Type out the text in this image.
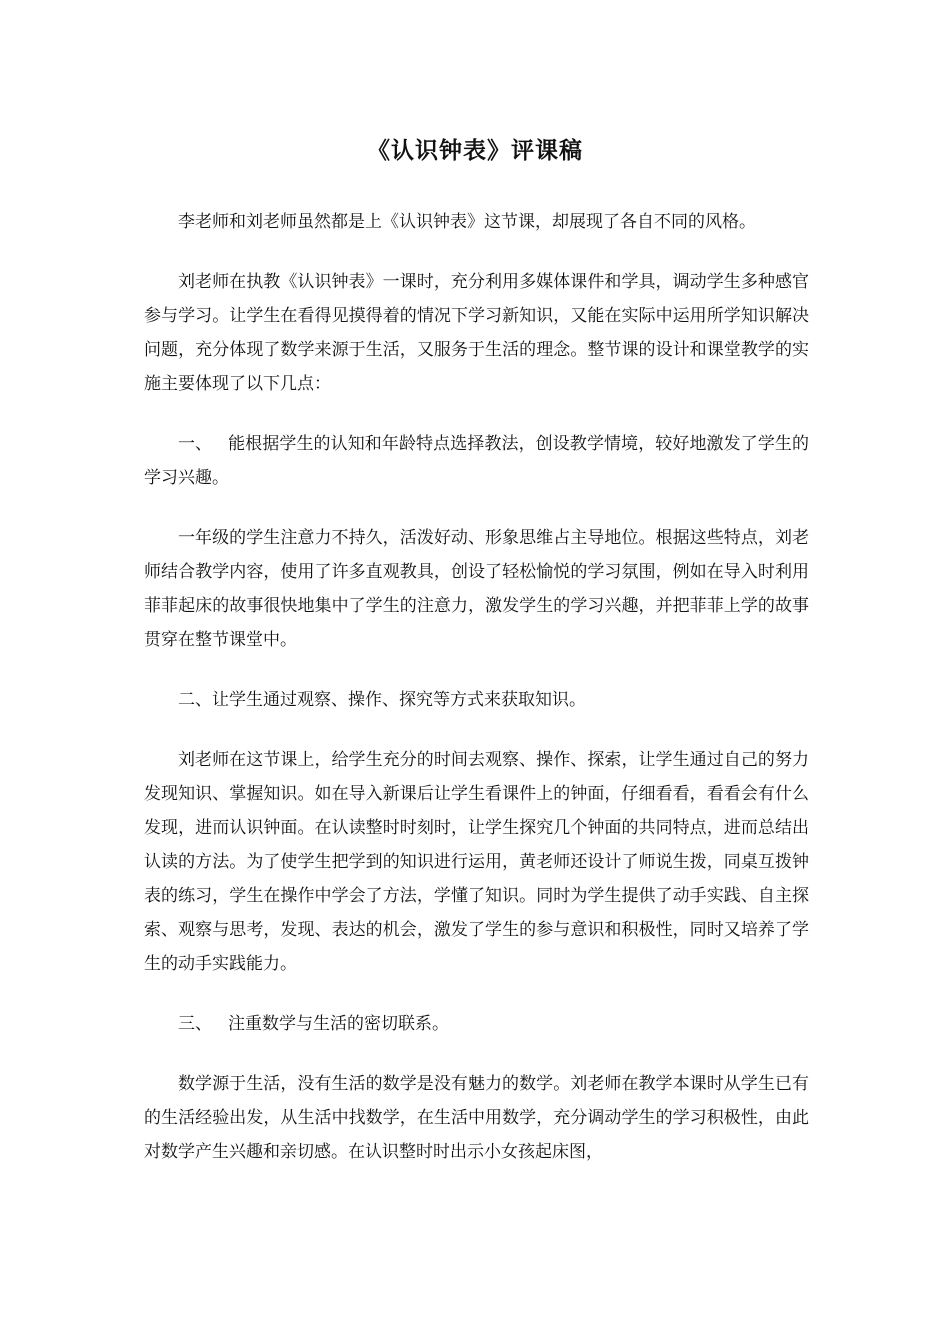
《认识钟表》评课稿

李老师和刘老师虽然都是上《认识钟表》这节课，却展现了各自不同的风格。

刘老师在执教《认识钟表》一课时，充分利用多媒体课件和学具，调动学生多种感官参与学习。让学生在看得见摸得着的情况下学习新知识，又能在实际中运用所学知识解决问题，充分体现了数学来源于生活，又服务于生活的理念。整节课的设计和课堂教学的实施主要体现了以下几点：

一、 能根据学生的认知和年龄特点选择教法，创设教学情境，较好地激发了学生的学习兴趣。

一年级的学生注意力不持久，活泼好动、形象思维占主导地位。根据这些特点，刘老师结合教学内容，使用了许多直观教具，创设了轻松愉悦的学习氛围，例如在导入时利用菲菲起床的故事很快地集中了学生的注意力，激发学生的学习兴趣，并把菲菲上学的故事贯穿在整节课堂中。

二、让学生通过观察、操作、探究等方式来获取知识。

刘老师在这节课上，给学生充分的时间去观察、操作、探索，让学生通过自己的努力发现知识、掌握知识。如在导入新课后让学生看课件上的钟面，仔细看看，看看会有什么发现，进而认识钟面。在认读整时时刻时，让学生探究几个钟面的共同特点，进而总结出认读的方法。为了使学生把学到的知识进行运用，黄老师还设计了师说生拨，同桌互拨钟表的练习，学生在操作中学会了方法，学懂了知识。同时为学生提供了动手实践、自主探索、观察与思考，发现、表达的机会，激发了学生的参与意识和积极性，同时又培养了学生的动手实践能力。

三、 注重数学与生活的密切联系。

数学源于生活，没有生活的数学是没有魅力的数学。刘老师在教学本课时从学生已有的生活经验出发，从生活中找数学，在生活中用数学，充分调动学生的学习积极性，由此对数学产生兴趣和亲切感。在认识整时时出示小女孩起床图，
